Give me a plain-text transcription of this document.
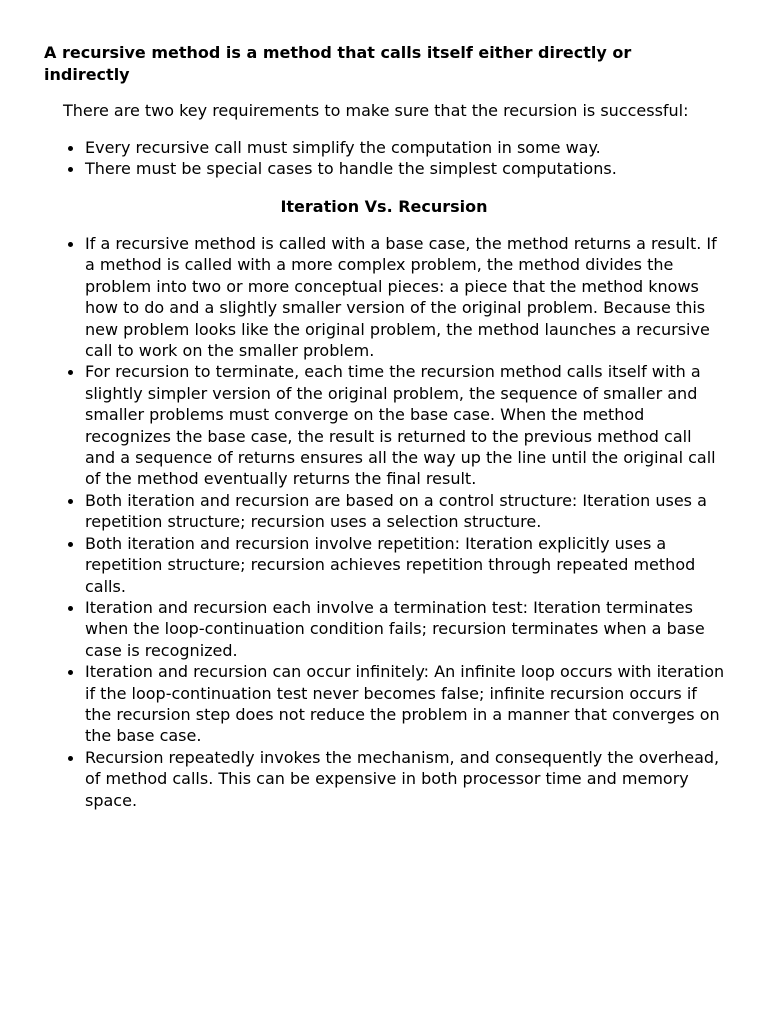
A recursive method is a method that calls itself either directly or indirectly

There are two key requirements to make sure that the recursion is successful:

Every recursive call must simplify the computation in some way.
There must be special cases to handle the simplest computations.
Iteration Vs. Recursion
If a recursive method is called with a base case, the method returns a result. If a method is called with a more complex problem, the method divides the problem into two or more conceptual pieces: a piece that the method knows how to do and a slightly smaller version of the original problem. Because this new problem looks like the original problem, the method launches a recursive call to work on the smaller problem.
For recursion to terminate, each time the recursion method calls itself with a slightly simpler version of the original problem, the sequence of smaller and smaller problems must converge on the base case. When the method recognizes the base case, the result is returned to the previous method call and a sequence of returns ensures all the way up the line until the original call of the method eventually returns the final result.
Both iteration and recursion are based on a control structure: Iteration uses a repetition structure; recursion uses a selection structure.
Both iteration and recursion involve repetition: Iteration explicitly uses a repetition structure; recursion achieves repetition through repeated method calls.
Iteration and recursion each involve a termination test: Iteration terminates when the loop-continuation condition fails; recursion terminates when a base case is recognized.
Iteration and recursion can occur infinitely: An infinite loop occurs with iteration if the loop-continuation test never becomes false; infinite recursion occurs if the recursion step does not reduce the problem in a manner that converges on the base case.
Recursion repeatedly invokes the mechanism, and consequently the overhead, of method calls. This can be expensive in both processor time and memory space.
